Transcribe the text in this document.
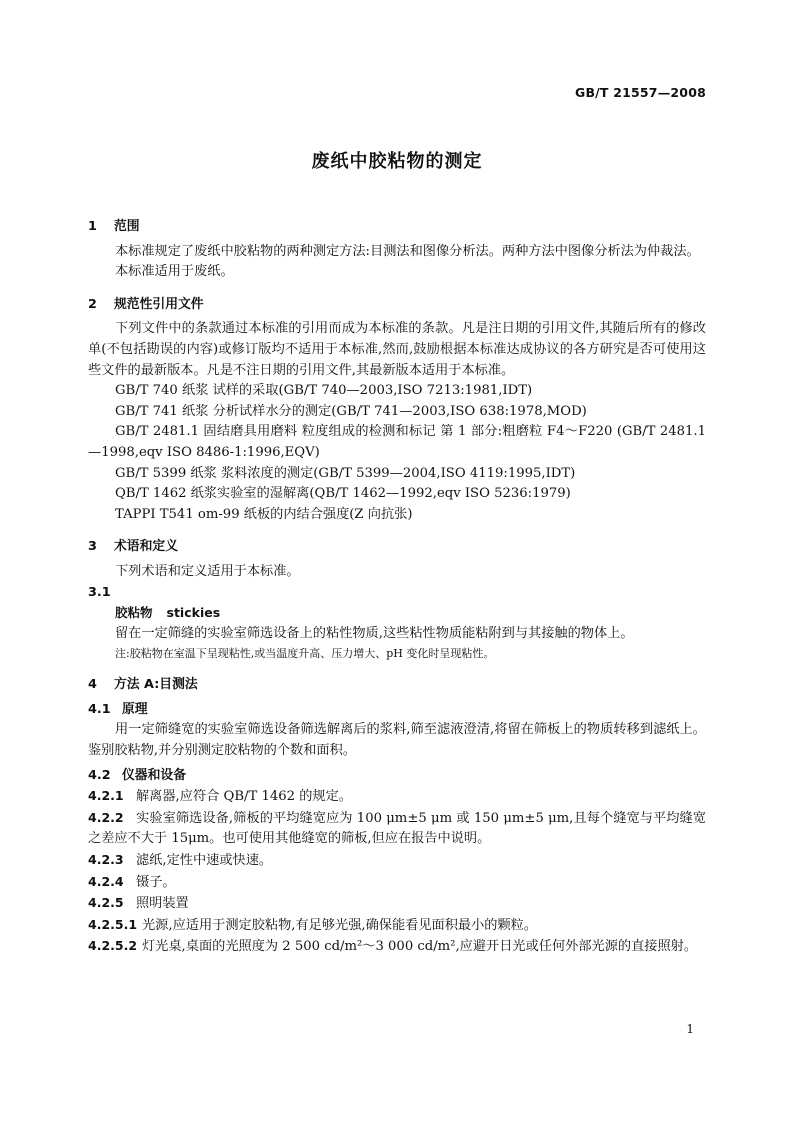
GB/T 21557—2008
废纸中胶粘物的测定
1 范围
本标准规定了废纸中胶粘物的两种测定方法:目测法和图像分析法。两种方法中图像分析法为仲裁法。
本标准适用于废纸。
2 规范性引用文件
下列文件中的条款通过本标准的引用而成为本标准的条款。凡是注日期的引用文件,其随后所有的修改单(不包括勘误的内容)或修订版均不适用于本标准,然而,鼓励根据本标准达成协议的各方研究是否可使用这些文件的最新版本。凡是不注日期的引用文件,其最新版本适用于本标准。
GB/T 740 纸浆 试样的采取(GB/T 740—2003,ISO 7213:1981,IDT)
GB/T 741 纸浆 分析试样水分的测定(GB/T 741—2003,ISO 638:1978,MOD)
GB/T 2481.1 固结磨具用磨料 粒度组成的检测和标记 第 1 部分:粗磨粒 F4～F220 (GB/T 2481.1—1998,eqv ISO 8486-1:1996,EQV)
GB/T 5399 纸浆 浆料浓度的测定(GB/T 5399—2004,ISO 4119:1995,IDT)
QB/T 1462 纸浆实验室的湿解离(QB/T 1462—1992,eqv ISO 5236:1979)
TAPPI T541 om-99 纸板的内结合强度(Z 向抗张)
3 术语和定义
下列术语和定义适用于本标准。
3.1
胶粘物 stickies
留在一定筛缝的实验室筛选设备上的粘性物质,这些粘性物质能粘附到与其接触的物体上。
注:胶粘物在室温下呈现粘性,或当温度升高、压力增大、pH 变化时呈现粘性。
4 方法 A:目测法
4.1 原理
用一定筛缝宽的实验室筛选设备筛选解离后的浆料,筛至滤液澄清,将留在筛板上的物质转移到滤纸上。鉴别胶粘物,并分别测定胶粘物的个数和面积。
4.2 仪器和设备
4.2.1 解离器,应符合 QB/T 1462 的规定。
4.2.2 实验室筛选设备,筛板的平均缝宽应为 100 μm±5 μm 或 150 μm±5 μm,且每个缝宽与平均缝宽之差应不大于 15μm。也可使用其他缝宽的筛板,但应在报告中说明。
4.2.3 滤纸,定性中速或快速。
4.2.4 镊子。
4.2.5 照明装置
4.2.5.1 光源,应适用于测定胶粘物,有足够光强,确保能看见面积最小的颗粒。
4.2.5.2 灯光桌,桌面的光照度为 2 500 cd/m²～3 000 cd/m²,应避开日光或任何外部光源的直接照射。
1
